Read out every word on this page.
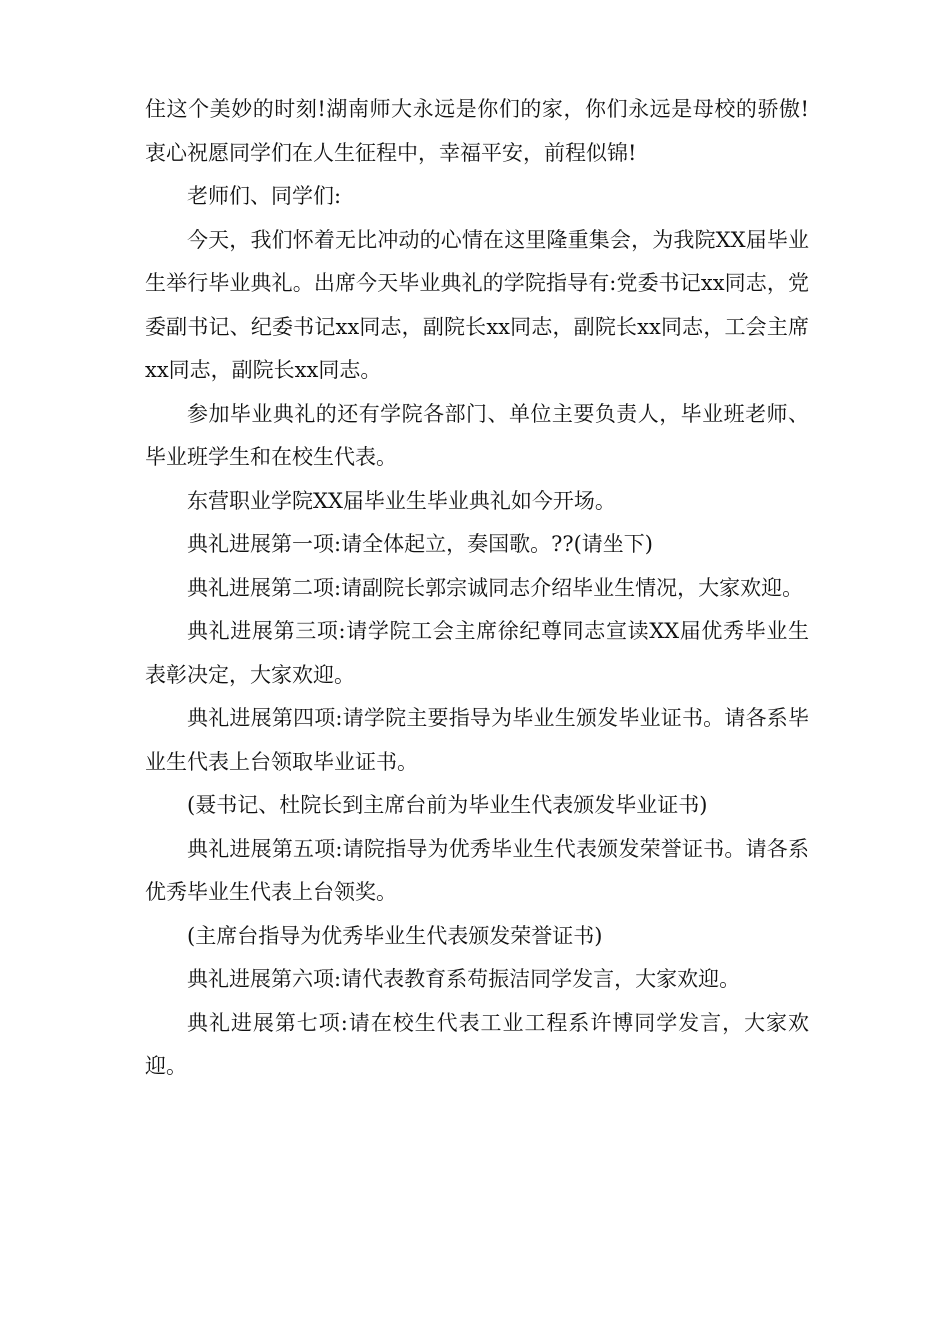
住这个美妙的时刻!湖南师大永远是你们的家，你们永远是母校的骄傲!衷心祝愿同学们在人生征程中，幸福平安，前程似锦!

老师们、同学们:

今天，我们怀着无比冲动的心情在这里隆重集会，为我院XX届毕业生举行毕业典礼。出席今天毕业典礼的学院指导有:党委书记xx同志，党委副书记、纪委书记xx同志，副院长xx同志，副院长xx同志，工会主席xx同志，副院长xx同志。

参加毕业典礼的还有学院各部门、单位主要负责人，毕业班老师、毕业班学生和在校生代表。

东营职业学院XX届毕业生毕业典礼如今开场。

典礼进展第一项:请全体起立，奏国歌。??(请坐下)

典礼进展第二项:请副院长郭宗诚同志介绍毕业生情况，大家欢迎。

典礼进展第三项:请学院工会主席徐纪尊同志宣读XX届优秀毕业生表彰决定，大家欢迎。

典礼进展第四项:请学院主要指导为毕业生颁发毕业证书。请各系毕业生代表上台领取毕业证书。

(聂书记、杜院长到主席台前为毕业生代表颁发毕业证书)

典礼进展第五项:请院指导为优秀毕业生代表颁发荣誉证书。请各系优秀毕业生代表上台领奖。

(主席台指导为优秀毕业生代表颁发荣誉证书)

典礼进展第六项:请代表教育系苟振洁同学发言，大家欢迎。

典礼进展第七项:请在校生代表工业工程系许博同学发言，大家欢迎。
